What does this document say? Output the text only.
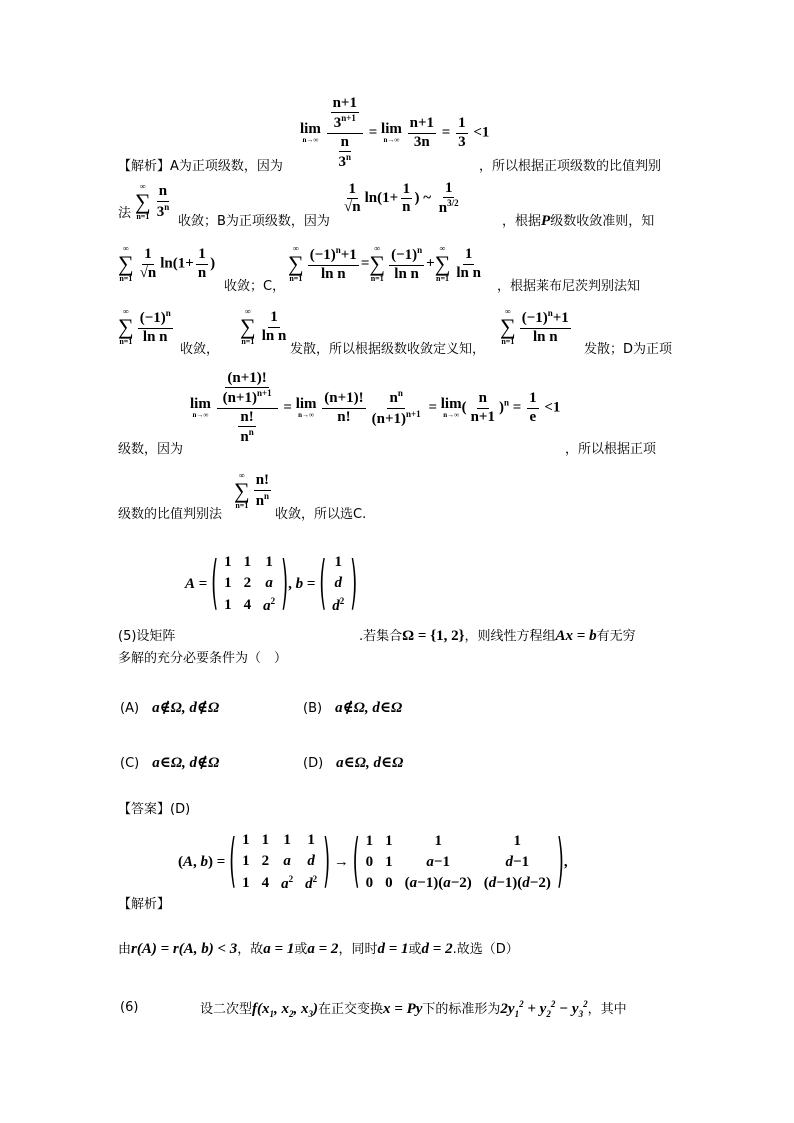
lim
n→∞
$\frac{\frac{n+1}{3^{n+1}}}{\frac{n}{3^n}} = \lim$
n→∞
$\frac{n+1}{3n} = \frac{1}{3} <1$
【解析】A为正项级数，因为	，所以根据正项级数的比值判别
法
∞
∑
$n=1 \frac{n}{3^n}$
收敛；B为正项级数，因为
$\frac{1}{√n} \ln(1+ \frac{1}{n}$ ) ~ $\frac{1}{n^{3/2}}$
，根据P级数收敛准则，知
∞
∑
$n=1 \frac{1}{√n} \ln(1+ \frac{1}{n}$ )
收敛；C，
∞
∑
$n=1 \frac{(-1)^n+1}{\text{ln n}}$ =
∞
∑
$n=1 \frac{(-1)^n}{\text{ln n}}$ +
∞
∑
$n=1 \frac{1}{\text{ln n}}$
，根据莱布尼茨判别法知
∞
∑
$n=1 \frac{(-1)^n}{\text{ln n}}$
收敛，
∞
∑
$n=1 \frac{1}{\text{ln n}}$
发散，所以根据级数收敛定义知，
∞
∑
$n=1 \frac{(-1)^n+1}{\text{ln n}}$
发散；D为正项
lim
n→∞
$\frac{\frac{(n+1)!}{(n+1)^{n+1}}}{\frac{n!}{n^n}} = \lim$
n→∞
$\frac{(n+1)!}{n!} \frac{n^n}{(n+1)^{n+1}} = \lim$
n→∞ ( $\frac{n}{n+1} )^n = \frac{1}{e} <1$
级数，因为	，所以根据正项
级数的比值判别法
∞
∑
$n=1 \frac{n!}{n^n}$
收敛，所以选C.
(5)设矩阵
A = ( 1	1	1
1	2	a
1	4	$a^2$ ) , b = ( 1
d
$d^2$ )
.若集合Ω = {1, 2}，则线性方程组Ax = b有无穷
多解的充分必要条件为（　）
(A)　 a∉Ω, d∉Ω	(B)　 a∉Ω, d∈Ω
(C)　 a∈Ω, d∉Ω	(D)　 a∈Ω, d∈Ω
【答案】(D)
【解析】
(A, b) = ( 1	1	1	1
1	2	a	d
1	4	$a^2$	$d^2$ ) → ( 1	1	1	1
0	1	a−1	d−1
0	0	(a−1)(a−2)	(d−1)(d−2) ) ,
由r(A) = r(A, b) < 3，故a = 1或a = 2，同时d = 1或d = 2.故选（D）
(6)	设二次型$f(x_1$, $x_2$, $x_3$)在正交变换x = Py下的标准形为$2y_1^2 + y_2^2 - y_3^2$，其中
